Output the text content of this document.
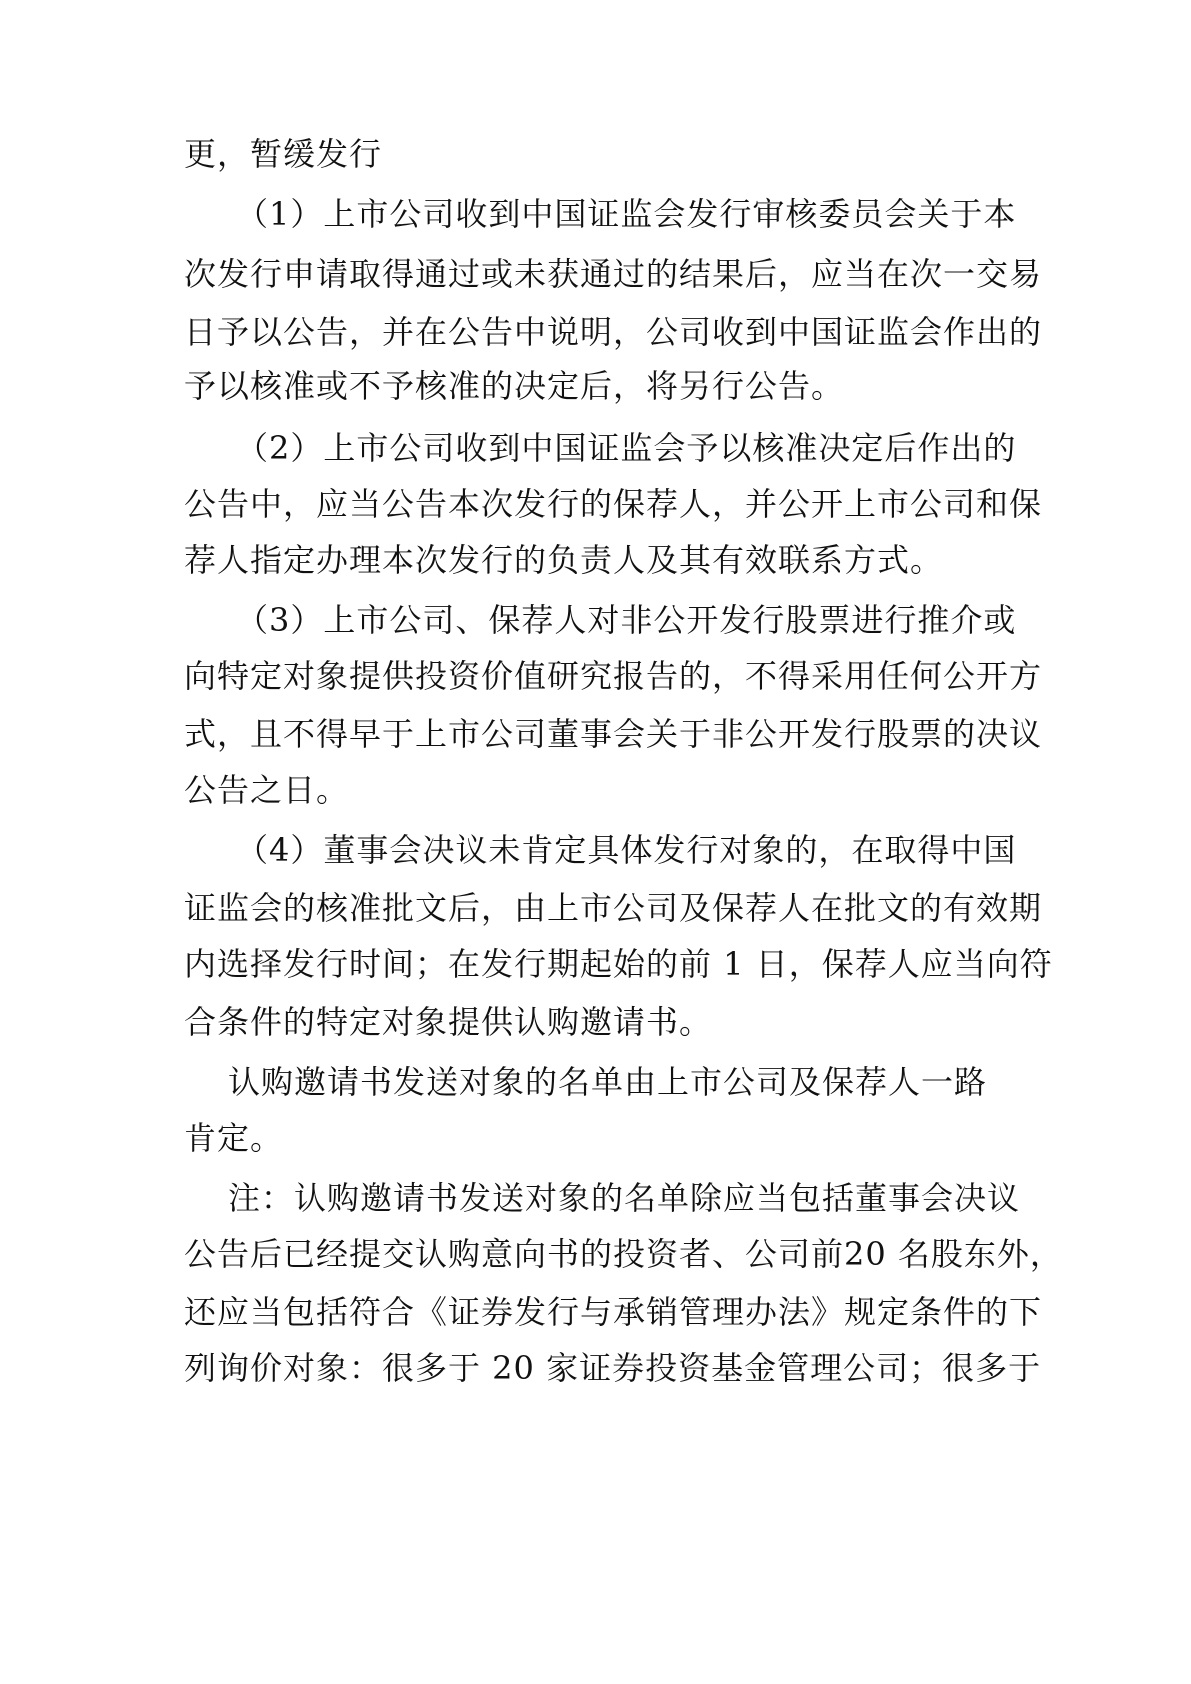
更，暂缓发行
（1）上市公司收到中国证监会发行审核委员会关于本
次发行申请取得通过或未获通过的结果后，应当在次一交易
日予以公告，并在公告中说明，公司收到中国证监会作出的
予以核准或不予核准的决定后，将另行公告。
（2）上市公司收到中国证监会予以核准决定后作出的
公告中，应当公告本次发行的保荐人，并公开上市公司和保
荐人指定办理本次发行的负责人及其有效联系方式。
（3）上市公司、保荐人对非公开发行股票进行推介或
向特定对象提供投资价值研究报告的，不得采用任何公开方
式，且不得早于上市公司董事会关于非公开发行股票的决议
公告之日。
（4）董事会决议未肯定具体发行对象的，在取得中国
证监会的核准批文后，由上市公司及保荐人在批文的有效期
内选择发行时间；在发行期起始的前 1 日，保荐人应当向符
合条件的特定对象提供认购邀请书。
认购邀请书发送对象的名单由上市公司及保荐人一路
肯定。
注：认购邀请书发送对象的名单除应当包括董事会决议
公告后已经提交认购意向书的投资者、公司前20 名股东外，
还应当包括符合《证券发行与承销管理办法》规定条件的下
列询价对象：很多于 20 家证券投资基金管理公司；很多于
